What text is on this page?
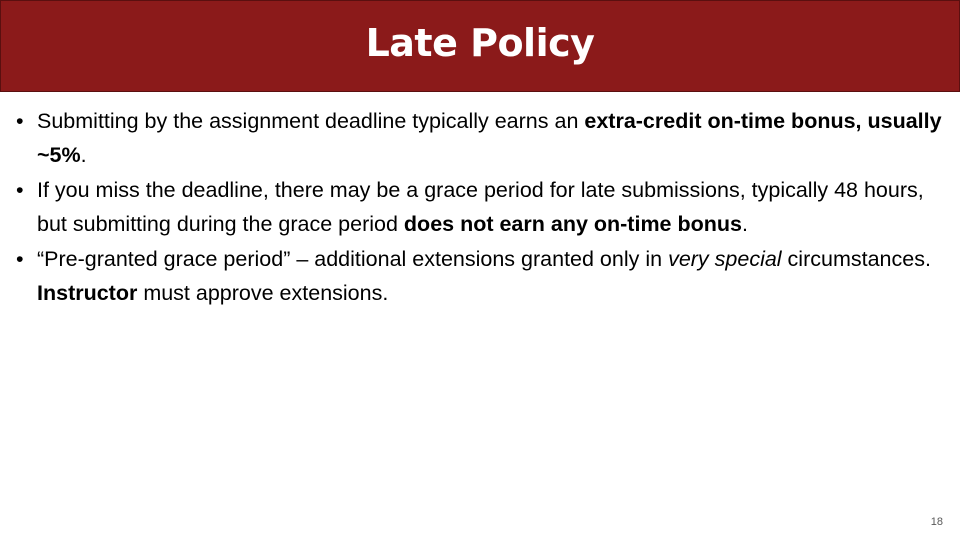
Late Policy
• Submitting by the assignment deadline typically earns an extra-credit on-time bonus, usually ~5%.
• If you miss the deadline, there may be a grace period for late submissions, typically 48 hours, but submitting during the grace period does not earn any on-time bonus.
• “Pre-granted grace period” – additional extensions granted only in very special circumstances. Instructor must approve extensions.
18
